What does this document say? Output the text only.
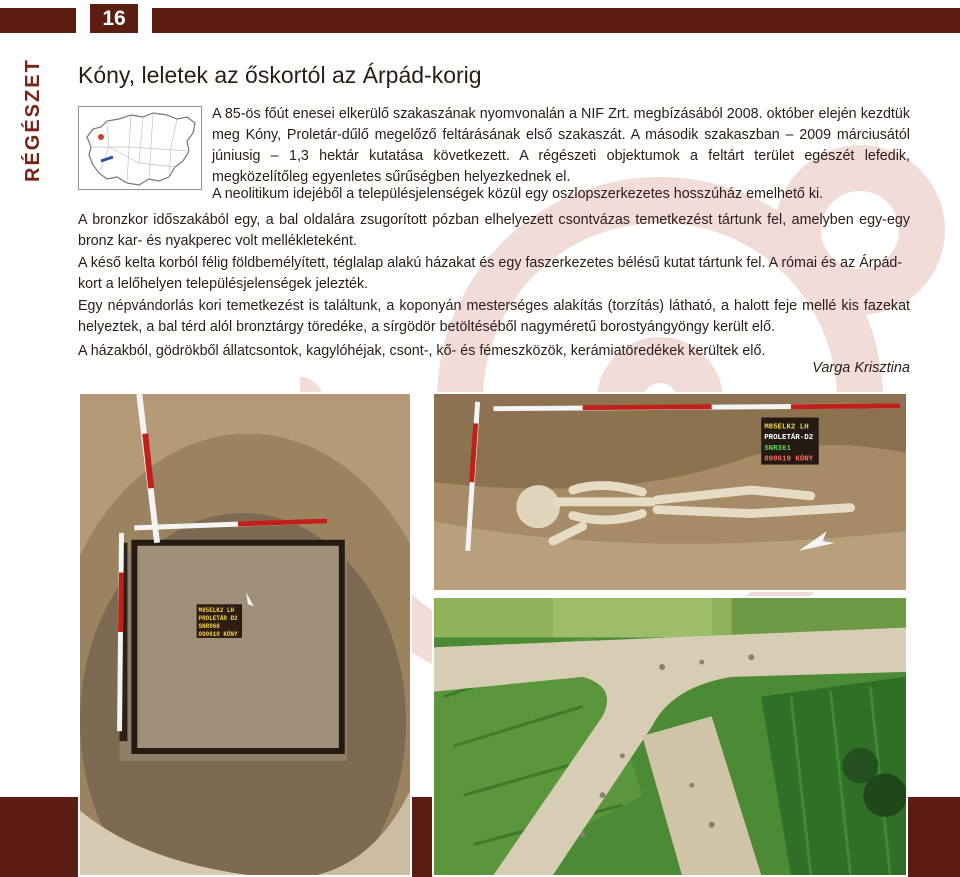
16
RÉGÉSZET Kóny, leletek az őskortól az Árpád-korig
A 85-ös főút enesei elkerülő szakaszának nyomvonalán a NIF Zrt. megbízásából 2008. október elején kezdtük meg Kóny, Proletár-dűlő megelőző feltárásának első szakaszát. A második szakaszban – 2009 márciusától júniusig – 1,3 hektár kutatása következett. A régészeti objektumok a feltárt terület egészét lefedik, megközelítőleg egyenletes sűrűségben helyezkednek el.
A neolitikum idejéből a településjelenségek közül egy oszlopszerkezetes hosszúház emelhető ki.
A bronzkor időszakából egy, a bal oldalára zsugorított pózban elhelyezett csontvázas temetkezést tártunk fel, amelyben egy-egy bronz kar- és nyakperec volt mellékleteként.
A késő kelta korból félig földbemélyített, téglalap alakú házakat és egy faszerkezetes bélésű kutat tártunk fel. A római és az Árpád-kort a lelőhelyen településjelenségek jelezték.
Egy népvándorlás kori temetkezést is találtunk, a koponyán mesterséges alakítás (torzítás) látható, a halott feje mellé kis fazekat helyeztek, a bal térd alól bronztárgy töredéke, a sírgödör betöltéséből nagyméretű borostyángyöngy került elő.
A házakból, gödrökből állatcsontok, kagylóhéjak, csont-, kő- és fémeszközök, kerámiatöredékek kerültek elő.
Varga Krisztina
M85ELK2 LH
PROLETÁR D2
SNR068
090610 KÓNY
M85ELK2 LH
PROLETÁR-D2
SNR361
090619 KÓNY
